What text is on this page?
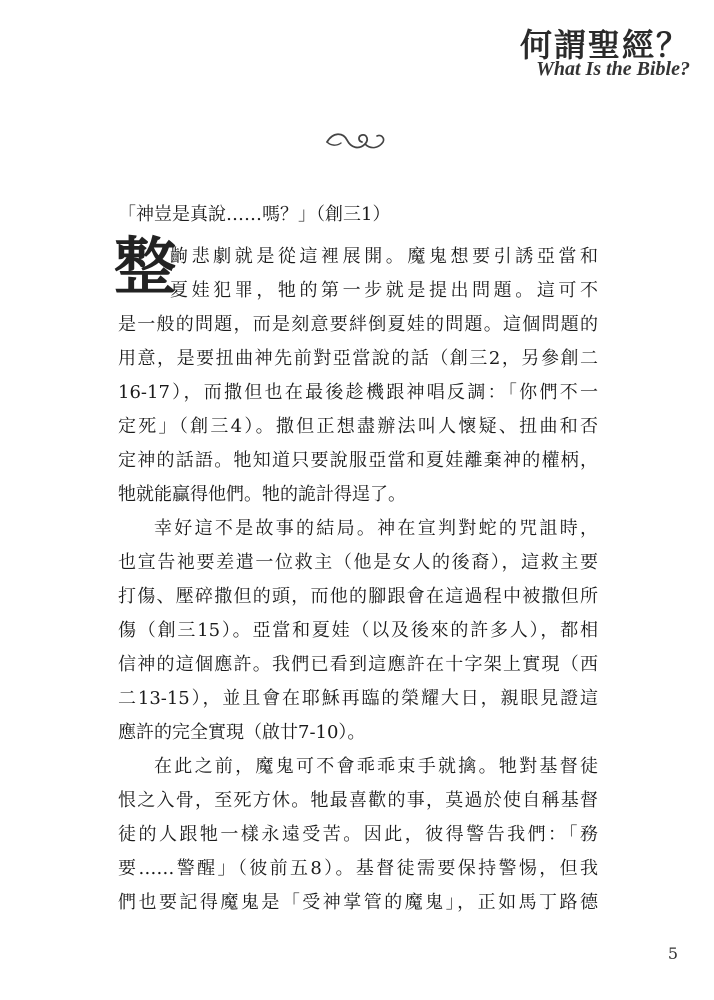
何謂聖經？
What Is the Bible?
「神豈是真說……嗎？」（創三1）
整

齣悲劇就是從這裡展開。魔鬼想要引誘亞當和

夏娃犯罪，牠的第一步就是提出問題。這可不

是一般的問題，而是刻意要絆倒夏娃的問題。這個問題的

用意，是要扭曲神先前對亞當說的話（創三2，另參創二

16-17），而撒但也在最後趁機跟神唱反調：「你們不一

定死」（創三4）。撒但正想盡辦法叫人懷疑、扭曲和否

定神的話語。牠知道只要說服亞當和夏娃離棄神的權柄，

牠就能贏得他們。牠的詭計得逞了。

幸好這不是故事的結局。神在宣判對蛇的咒詛時，

也宣告祂要差遣一位救主（他是女人的後裔），這救主要

打傷、壓碎撒但的頭，而他的腳跟會在這過程中被撒但所

傷（創三15）。亞當和夏娃（以及後來的許多人），都相

信神的這個應許。我們已看到這應許在十字架上實現（西

二13-15），並且會在耶穌再臨的榮耀大日，親眼見證這

應許的完全實現（啟廿7-10）。

在此之前，魔鬼可不會乖乖束手就擒。牠對基督徒

恨之入骨，至死方休。牠最喜歡的事，莫過於使自稱基督

徒的人跟牠一樣永遠受苦。因此，彼得警告我們：「務

要……警醒」（彼前五8）。基督徒需要保持警惕，但我

們也要記得魔鬼是「受神掌管的魔鬼」，正如馬丁路德

5
